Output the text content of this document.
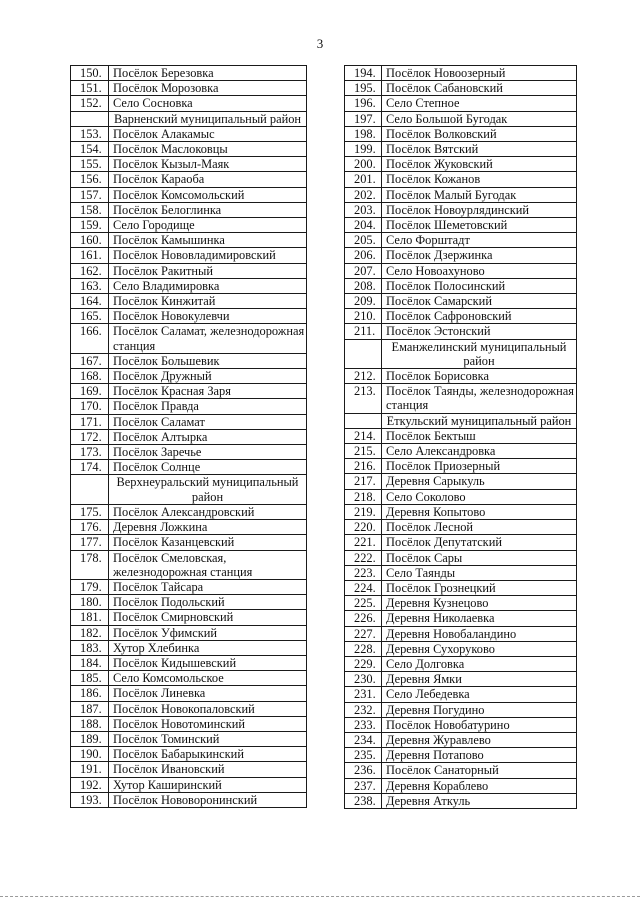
3
150.	Посёлок Березовка
151.	Посёлок Морозовка
152.	Село Сосновка
	Варненский муниципальный район
153.	Посёлок Алакамыс
154.	Посёлок Маслоковцы
155.	Посёлок Кызыл-Маяк
156.	Посёлок Караоба
157.	Посёлок Комсомольский
158.	Посёлок Белоглинка
159.	Село Городище
160.	Посёлок Камышинка
161.	Посёлок Нововладимировский
162.	Посёлок Ракитный
163.	Село Владимировка
164.	Посёлок Кинжитай
165.	Посёлок Новокулевчи
166.	Посёлок Саламат, железнодорожная станция
167.	Посёлок Большевик
168.	Посёлок Дружный
169.	Посёлок Красная Заря
170.	Посёлок Правда
171.	Посёлок Саламат
172.	Посёлок Алтырка
173.	Посёлок Заречье
174.	Посёлок Солнце
	Верхнеуральский муниципальный район
175.	Посёлок Александровский
176.	Деревня Ложкина
177.	Посёлок Казанцевский
178.	Посёлок Смеловская, железнодорожная станция
179.	Посёлок Тайсара
180.	Посёлок Подольский
181.	Посёлок Смирновский
182.	Посёлок Уфимский
183.	Хутор Хлебинка
184.	Посёлок Кидышевский
185.	Село Комсомольское
186.	Посёлок Линевка
187.	Посёлок Новокопаловский
188.	Посёлок Новотоминский
189.	Посёлок Томинский
190.	Посёлок Бабарыкинский
191.	Посёлок Ивановский
192.	Хутор Каширинский
193.	Посёлок Нововоронинский
194.	Посёлок Новоозерный
195.	Посёлок Сабановский
196.	Село Степное
197.	Село Большой Бугодак
198.	Посёлок Волковский
199.	Посёлок Вятский
200.	Посёлок Жуковский
201.	Посёлок Кожанов
202.	Посёлок Малый Бугодак
203.	Посёлок Новоурлядинский
204.	Посёлок Шеметовский
205.	Село Форштадт
206.	Посёлок Дзержинка
207.	Село Новоахуново
208.	Посёлок Полосинский
209.	Посёлок Самарский
210.	Посёлок Сафроновский
211.	Посёлок Эстонский
	Еманжелинский муниципальный район
212.	Посёлок Борисовка
213.	Посёлок Таянды, железнодорожная станция
	Еткульский муниципальный район
214.	Посёлок Бектыш
215.	Село Александровка
216.	Посёлок Приозерный
217.	Деревня Сарыкуль
218.	Село Соколово
219.	Деревня Копытово
220.	Посёлок Лесной
221.	Посёлок Депутатский
222.	Посёлок Сары
223.	Село Таянды
224.	Посёлок Грознецкий
225.	Деревня Кузнецово
226.	Деревня Николаевка
227.	Деревня Новобаландино
228.	Деревня Сухоруково
229.	Село Долговка
230.	Деревня Ямки
231.	Село Лебедевка
232.	Деревня Погудино
233.	Посёлок Новобатурино
234.	Деревня Журавлево
235.	Деревня Потапово
236.	Посёлок Санаторный
237.	Деревня Кораблево
238.	Деревня Аткуль
